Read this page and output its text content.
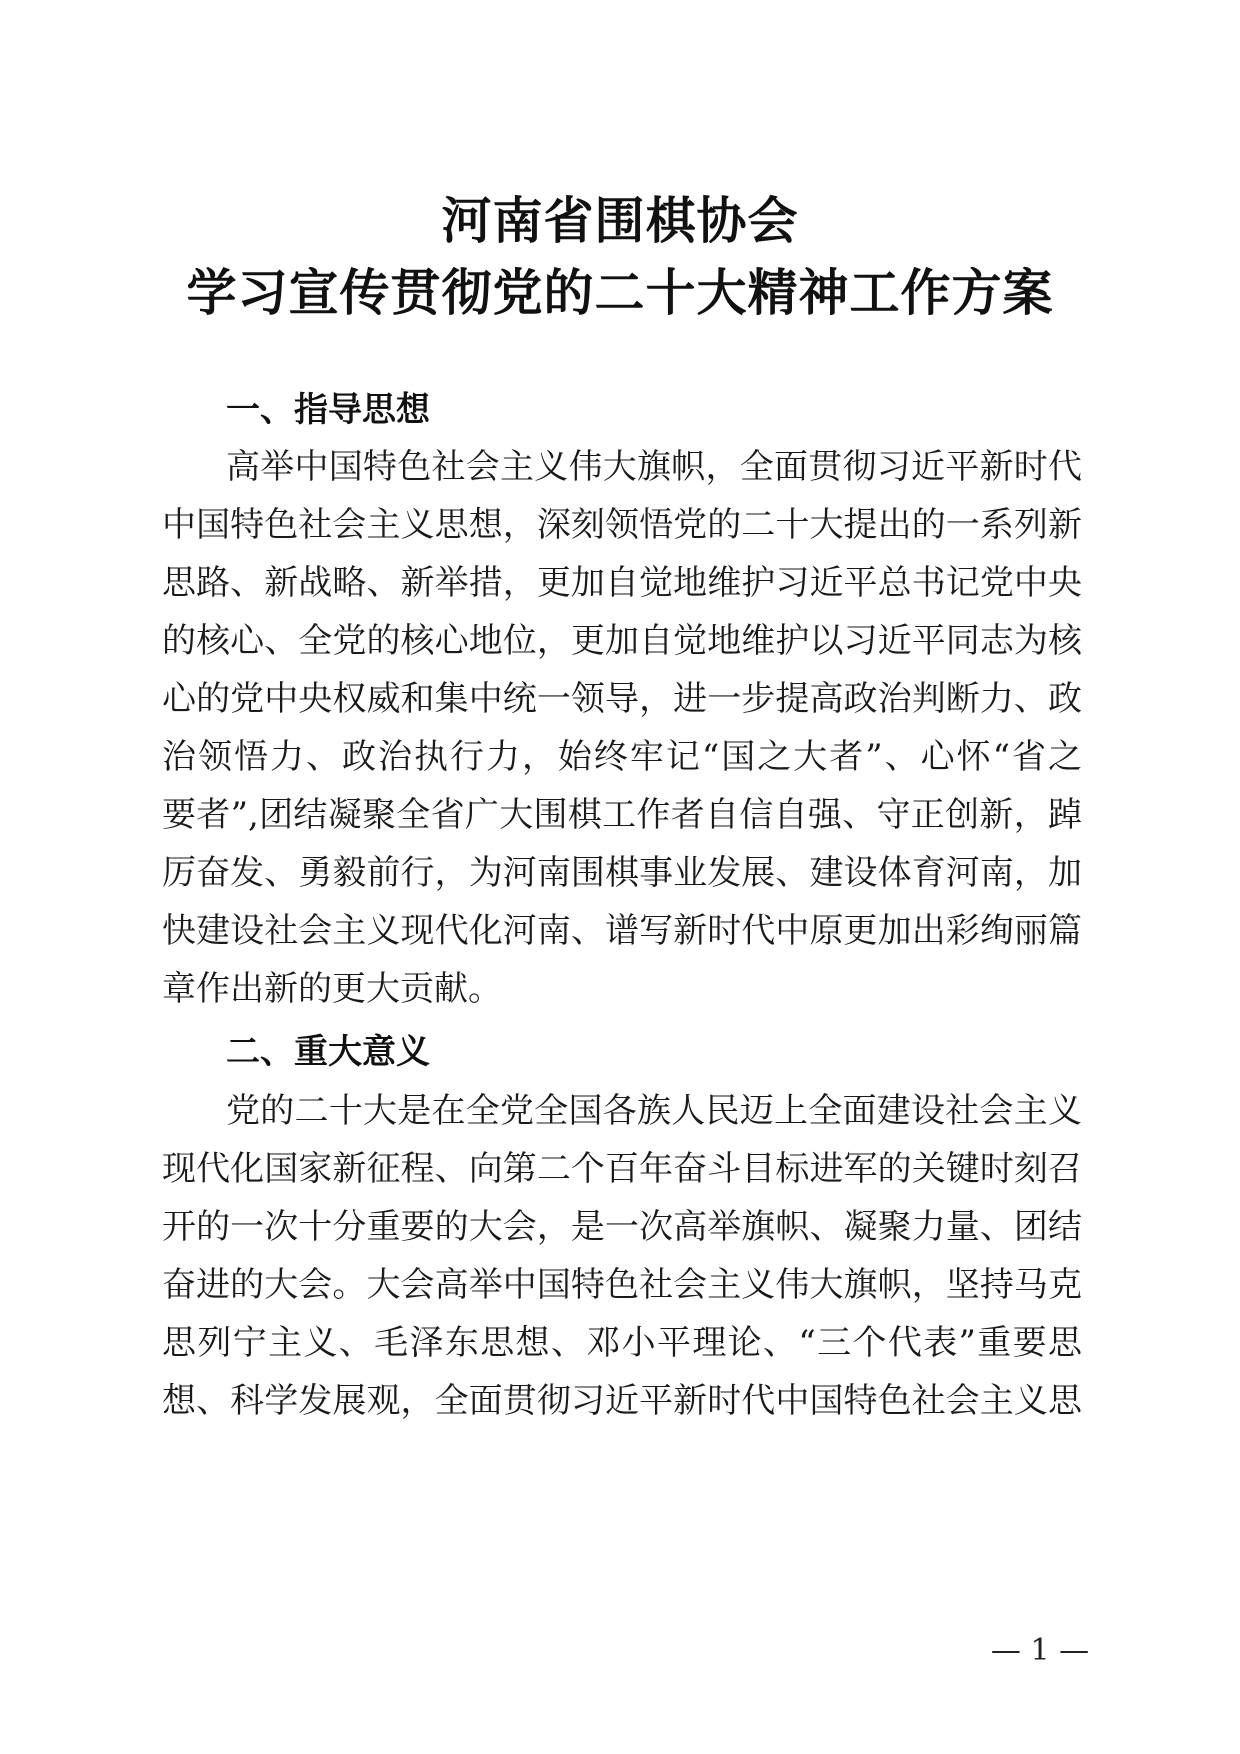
河南省围棋协会
学习宣传贯彻党的二十大精神工作方案
一、指导思想
高举中国特色社会主义伟大旗帜，全面贯彻习近平新时代
中国特色社会主义思想，深刻领悟党的二十大提出的一系列新
思路、新战略、新举措，更加自觉地维护习近平总书记党中央
的核心、全党的核心地位，更加自觉地维护以习近平同志为核
心的党中央权威和集中统一领导，进一步提高政治判断力、政
治领悟力、政治执行力，始终牢记“国之大者”、心怀“省之
要者”,团结凝聚全省广大围棋工作者自信自强、守正创新，踔
厉奋发、勇毅前行，为河南围棋事业发展、建设体育河南，加
快建设社会主义现代化河南、谱写新时代中原更加出彩绚丽篇
章作出新的更大贡献。
二、重大意义
党的二十大是在全党全国各族人民迈上全面建设社会主义
现代化国家新征程、向第二个百年奋斗目标进军的关键时刻召
开的一次十分重要的大会，是一次高举旗帜、凝聚力量、团结
奋进的大会。大会高举中国特色社会主义伟大旗帜，坚持马克
思列宁主义、毛泽东思想、邓小平理论、“三个代表”重要思
想、科学发展观，全面贯彻习近平新时代中国特色社会主义思
— 1 —
